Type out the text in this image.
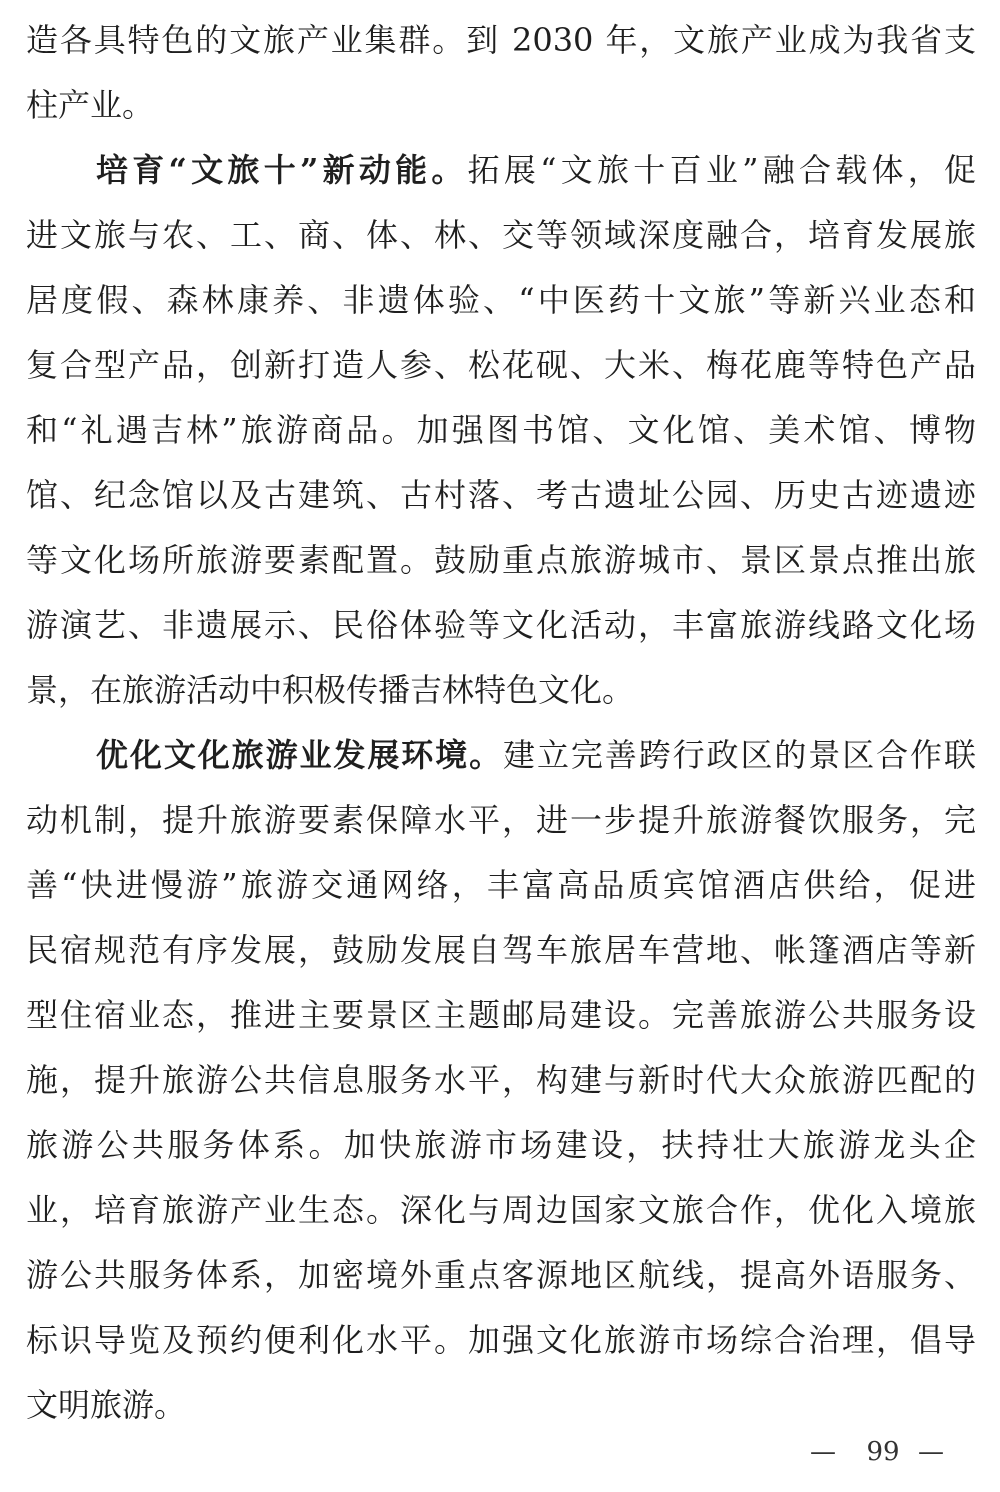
造各具特色的文旅产业集群。到 2030 年，文旅产业成为我省支
柱产业。
培育“文旅十”新动能。拓展“文旅十百业”融合载体，促
进文旅与农、工、商、体、林、交等领域深度融合，培育发展旅
居度假、森林康养、非遗体验、“中医药十文旅”等新兴业态和
复合型产品，创新打造人参、松花砚、大米、梅花鹿等特色产品
和“礼遇吉林”旅游商品。加强图书馆、文化馆、美术馆、博物
馆、纪念馆以及古建筑、古村落、考古遗址公园、历史古迹遗迹
等文化场所旅游要素配置。鼓励重点旅游城市、景区景点推出旅
游演艺、非遗展示、民俗体验等文化活动，丰富旅游线路文化场
景，在旅游活动中积极传播吉林特色文化。
优化文化旅游业发展环境。建立完善跨行政区的景区合作联
动机制，提升旅游要素保障水平，进一步提升旅游餐饮服务，完
善“快进慢游”旅游交通网络，丰富高品质宾馆酒店供给，促进
民宿规范有序发展，鼓励发展自驾车旅居车营地、帐篷酒店等新
型住宿业态，推进主要景区主题邮局建设。完善旅游公共服务设
施，提升旅游公共信息服务水平，构建与新时代大众旅游匹配的
旅游公共服务体系。加快旅游市场建设，扶持壮大旅游龙头企
业，培育旅游产业生态。深化与周边国家文旅合作，优化入境旅
游公共服务体系，加密境外重点客源地区航线，提高外语服务、
标识导览及预约便利化水平。加强文化旅游市场综合治理，倡导
文明旅游。
—	99 —
